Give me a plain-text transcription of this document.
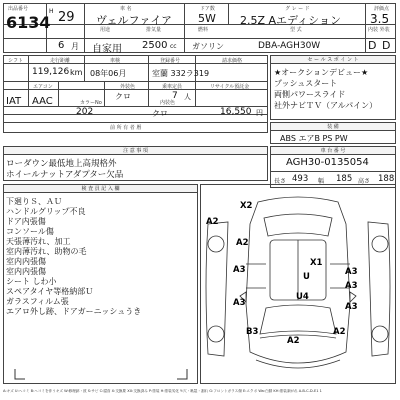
出品番号
6134
H 29
6 月
車 名
ヴェルファイア
ドア数
5W
グ レ ー ド
2.5Z Aエディション
評価点
3.5
用途
自家用
排気量
2500 cc
燃料
ガソリン
型 式
DBA-AGH30W
内装 外装
D D
シフト	走行距離	車検	登録番号	請求価格
119,126 km 08年06月	室蘭 332ラ319
エアコン	外装色	乗車定員	リサイクル預託金
IAT AAC	クロ	7 人
カラーNo	内装色
202	クロ	16,550 円
前 所 有 者 暦
セ ー ル ス ポ イ ン ト
★オークションデビュー★
プッシュスタート
両側パワースライド
社外ナビＴＶ（アルパイン）
装 備
ABS エアB PS PW
注 意 事 項
ローダウン最低地上高規格外
ホイールナットアダプター欠品
車 台 番 号
AGH30-0135054
長さ 493 幅 185 高さ 188
検 査 員 記 入 欄
下廻りＳ、ＡＵ
ハンドルグリップ不良
ドア内張傷
コンソール傷
天張薄汚れ、加工
室内薄汚れ、助物の毛
室内内張傷
室内内張傷
シート しわ小
スペアタイヤ等格納部Ｕ
ガラスフィルム張
エアロ外し跡、ドアガーニッシュうき
X2
A2
A2
A3
A3
A3
A3
A3
X1
U
U4
B3
A2
A2
A:キズ U:ヘコミ B:ヘコミを伴うキズ W:修理跡・波 S:サビ C:腐食 X:交換要 XX:交換済み P:塗装 H:塗装劣化 Y:穴・亀裂・割れ G:フロントガラス傷 E:エクボ Wa:白錆 KH:塗装剥がれ A-B-C-D-E1 1
